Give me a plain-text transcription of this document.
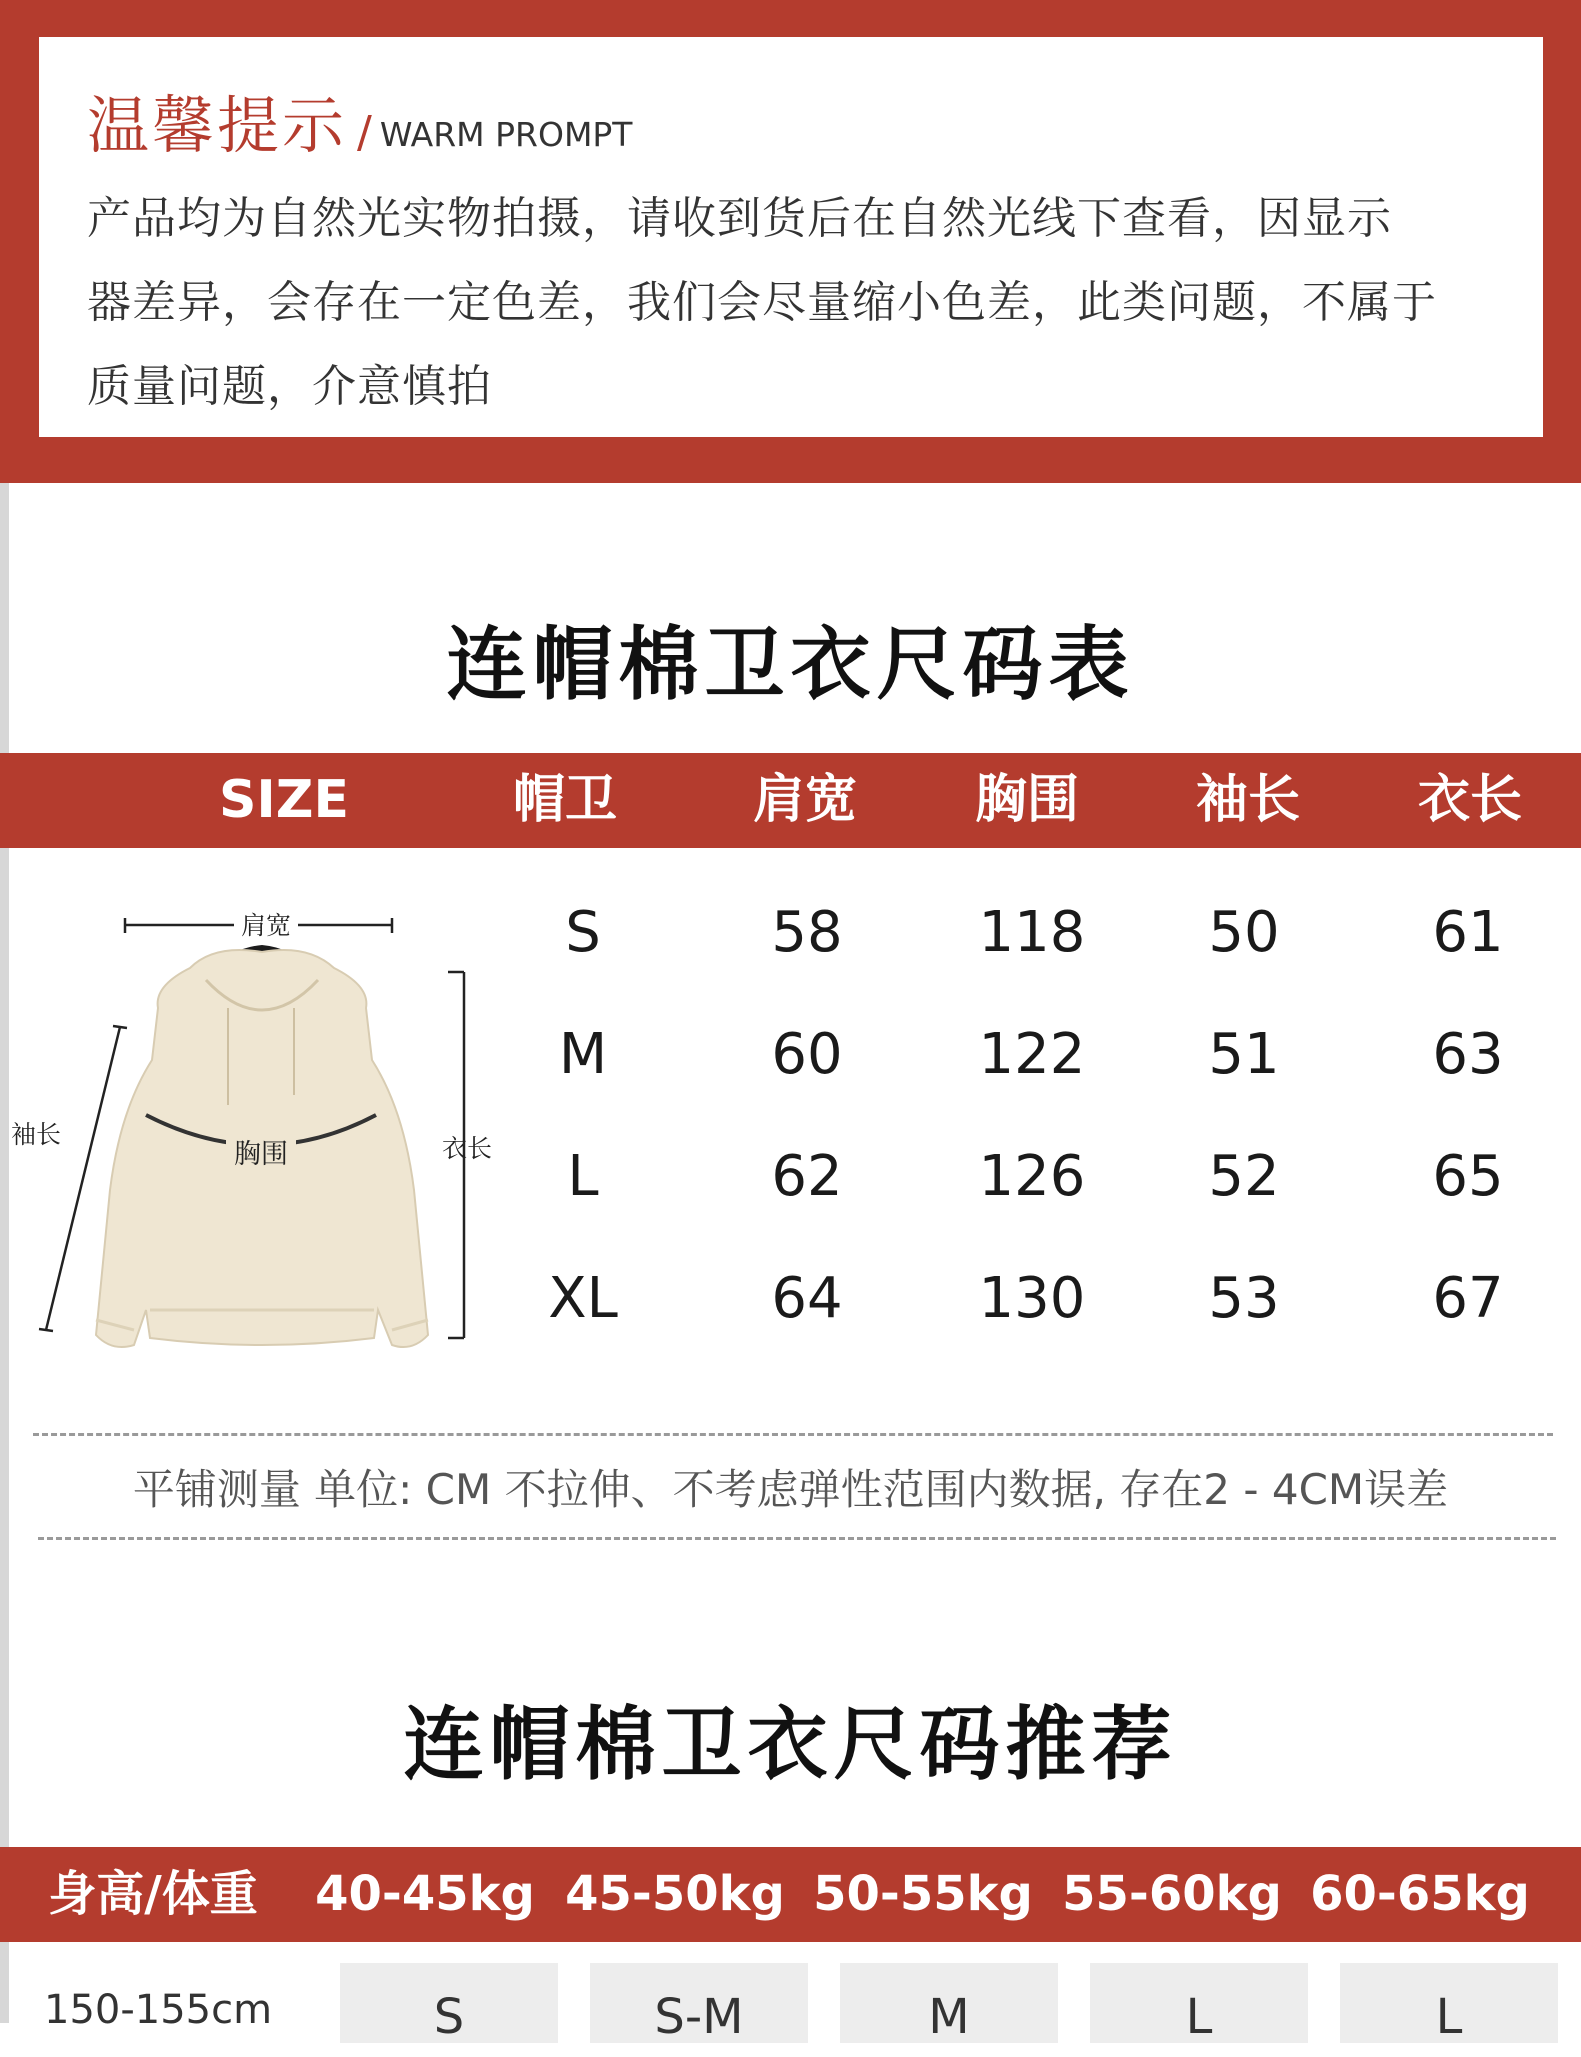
温馨提示 / WARM PROMPT
产品均为自然光实物拍摄，请收到货后在自然光线下查看，因显示
器差异，会存在一定色差，我们会尽量缩小色差，此类问题，不属于
质量问题，介意慎拍
连帽棉卫衣尺码表
SIZE	帽卫	肩宽	胸围	袖长	衣长
肩宽
胸围
袖长	衣长
S	58	118	50	61
M	60	122	51	63
L	62	126	52	65
XL	64	130	53	67
平铺测量 单位: CM 不拉伸、不考虑弹性范围内数据, 存在2 - 4CM误差
连帽棉卫衣尺码推荐
身高/体重	40-45kg 45-50kg 50-55kg 55-60kg 60-65kg
150-155cm	S	S-M	M	L	L
